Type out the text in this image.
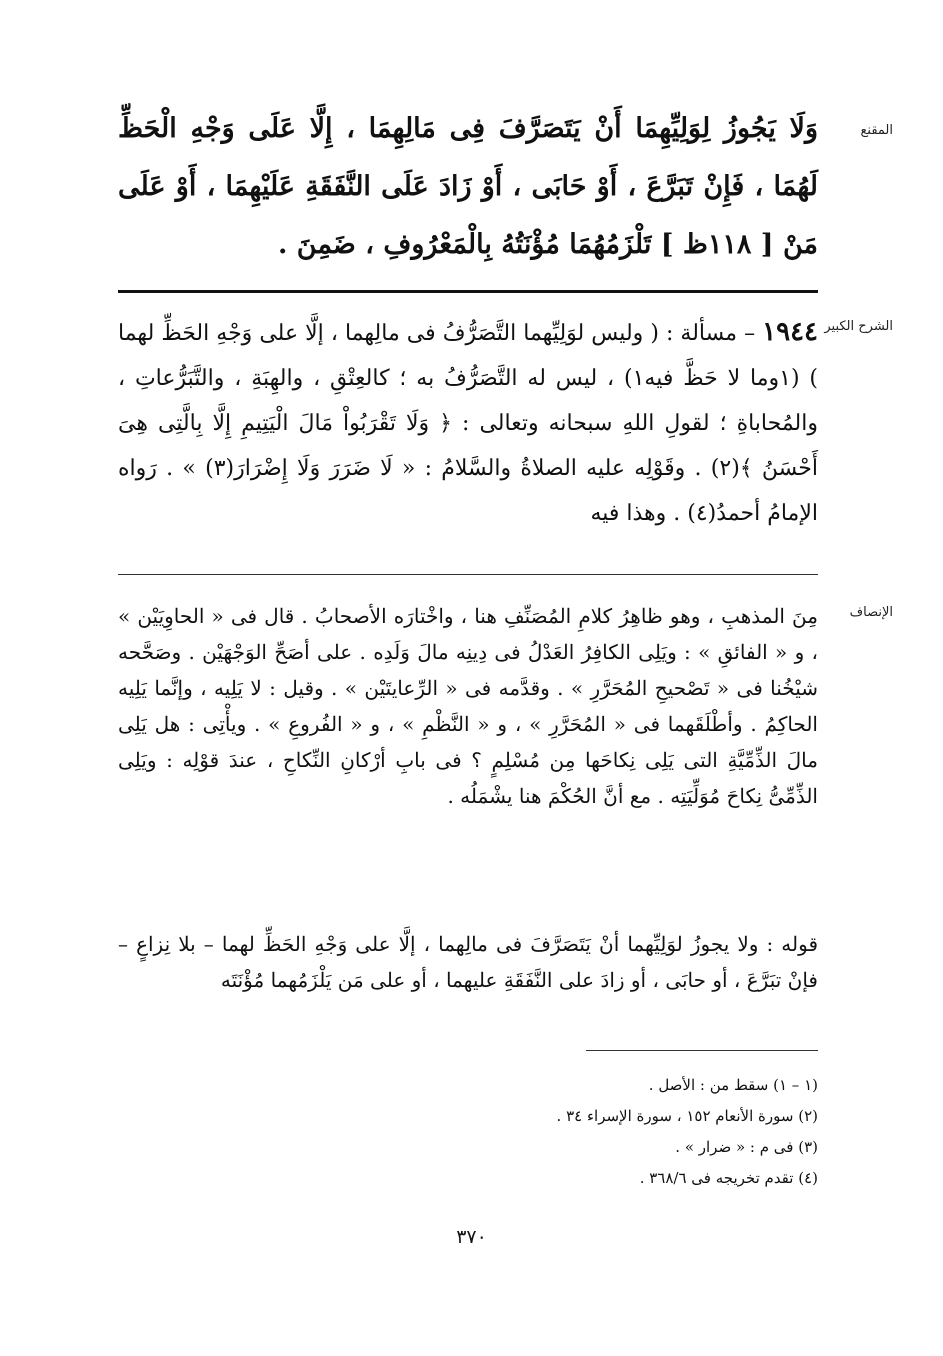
المقنع
وَلَا يَجُوزُ لِوَلِيِّهِمَا أَنْ يَتَصَرَّفَ فِى مَالِهِمَا ، إِلَّا عَلَى وَجْهِ الْحَظِّ لَهُمَا ، فَإِنْ تَبَرَّعَ ، أَوْ حَابَى ، أَوْ زَادَ عَلَى النَّفَقَةِ عَلَيْهِمَا ، أَوْ عَلَى مَنْ [ ١١٨ظ ] تَلْزَمُهُمَا مُؤْنَتُهُ بِالْمَعْرُوفِ ، ضَمِنَ .
الشرح الكبير
١٩٤٤ – مسألة : ( وليس لوَلِيِّهما التَّصَرُّفُ فى مالِهما ، إلَّا على وَجْهِ الحَظِّ لهما ) (١وما لا حَظَّ فيه١) ، ليس له التَّصَرُّفُ به ؛ كالعِتْقِ ، والهِبَةِ ، والتَّبَرُّعاتِ ، والمُحاباةِ ؛ لقولِ اللهِ سبحانه وتعالى : ﴿ وَلَا تَقْرَبُواْ مَالَ الْيَتِيمِ إِلَّا بِالَّتِى هِىَ أَحْسَنُ ﴾(٢) . وقَوْلِه عليه الصلاةُ والسَّلامُ : « لَا ضَرَرَ وَلَا إِضْرَارَ(٣) » . رَواه الإمامُ أحمدُ(٤) . وهذا فيه
الإنصاف
مِنَ المذهبِ ، وهو ظاهِرُ كلامِ المُصَنِّفِ هنا ، واخْتارَه الأصحابُ . قال فى « الحاوِيَيْن » ، و « الفائقِ » : ويَلِى الكافِرُ العَدْلُ فى دِينِه مالَ وَلَدِه . على أصَحِّ الوَجْهَيْن . وصَحَّحه شيْخُنا فى « تَصْحيحِ المُحَرَّرِ » . وقدَّمه فى « الرِّعايتَيْن » . وقيل : لا يَلِيه ، وإنَّما يَلِيه الحاكِمُ . وأطْلَقَهما فى « المُحَرَّرِ » ، و « النَّظْمِ » ، و « الفُروعِ » . ويأْتِى : هل يَلِى مالَ الذِّمِّيَّةِ التى يَلِى نِكاحَها مِن مُسْلِمٍ ؟ فى بابِ أرْكانِ النِّكاحِ ، عندَ قوْلِه : ويَلِى الذِّمِّىُّ نِكاحَ مُوَلِّيَتِه . مع أنَّ الحُكْمَ هنا يشْمَلُه .
قوله : ولا يجوزُ لوَلِيِّهما أنْ يَتَصَرَّفَ فى مالِهما ، إلَّا على وَجْهِ الحَظِّ لهما – بلا نِزاعٍ – فإنْ تبَرَّعَ ، أو حابَى ، أو زادَ على النَّفَقَةِ عليهما ، أو على مَن يَلْزَمُهما مُؤْنَتَه
(١ – ١) سقط من : الأصل .
(٢) سورة الأنعام ١٥٢ ، سورة الإسراء ٣٤ .
(٣) فى م : « ضرار » .
(٤) تقدم تخريجه فى ٣٦٨/٦ .
٣٧٠
